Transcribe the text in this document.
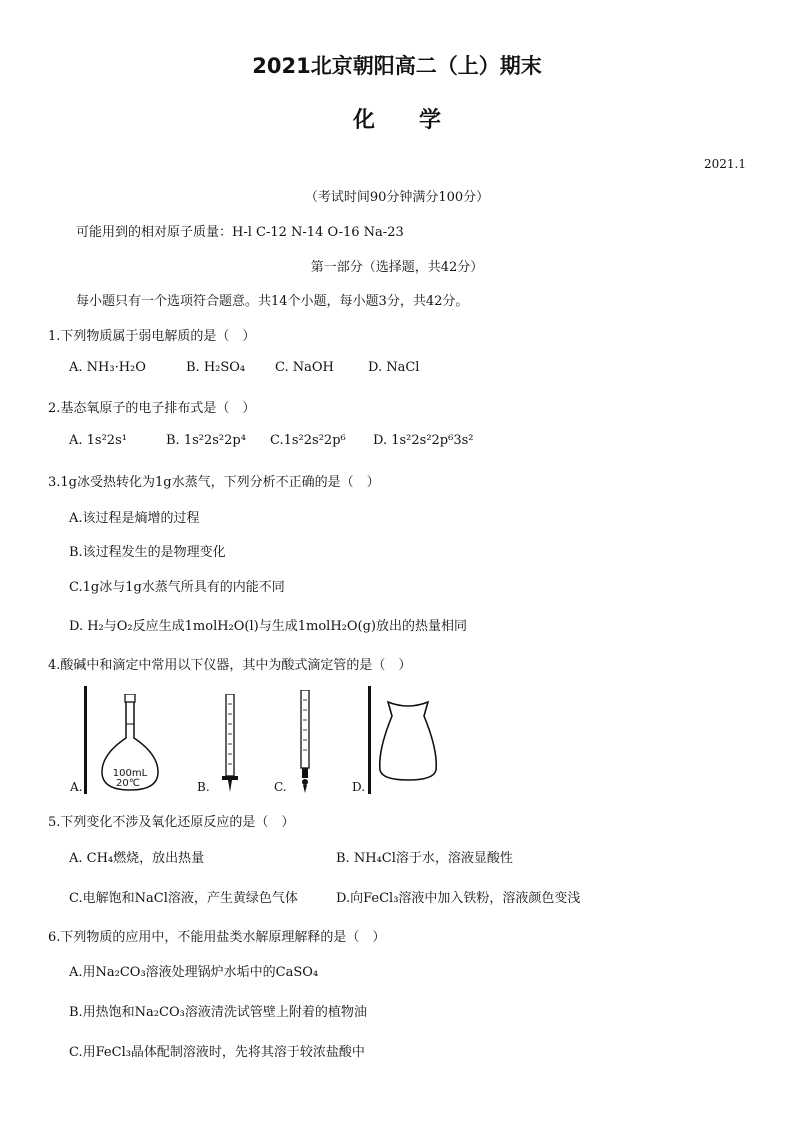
2021北京朝阳高二（上）期末
化学
2021.1
（考试时间90分钟满分100分）
可能用到的相对原子质量：H-l C-12 N-14 O-16 Na-23
第一部分（选择题，共42分）
每小题只有一个选项符合题意。共14个小题，每小题3分，共42分。
1.下列物质属于弱电解质的是（　）
A. NH₃·H₂O	B. H₂SO₄ C. NaOH	D. NaCl
2.基态氧原子的电子排布式是（　）
A. 1s²2s¹	B. 1s²2s²2p⁴ C.1s²2s²2p⁶ D. 1s²2s²2p⁶3s²
3.1g冰受热转化为1g水蒸气，下列分析不正确的是（　）
A.该过程是熵增的过程
B.该过程发生的是物理变化
C.1g冰与1g水蒸气所具有的内能不同
D. H₂与O₂反应生成1molH₂O(l)与生成1molH₂O(g)放出的热量相同
4.酸碱中和滴定中常用以下仪器，其中为酸式滴定管的是（　）
A.
100mL
20℃	B.	C.	D.
5.下列变化不涉及氧化还原反应的是（　）
A. CH₄燃烧，放出热量	B. NH₄Cl溶于水，溶液显酸性
C.电解饱和NaCl溶液，产生黄绿色气体	D.向FeCl₃溶液中加入铁粉，溶液颜色变浅
6.下列物质的应用中，不能用盐类水解原理解释的是（　）
A.用Na₂CO₃溶液处理锅炉水垢中的CaSO₄
B.用热饱和Na₂CO₃溶液清洗试管壁上附着的植物油
C.用FeCl₃晶体配制溶液时，先将其溶于较浓盐酸中
